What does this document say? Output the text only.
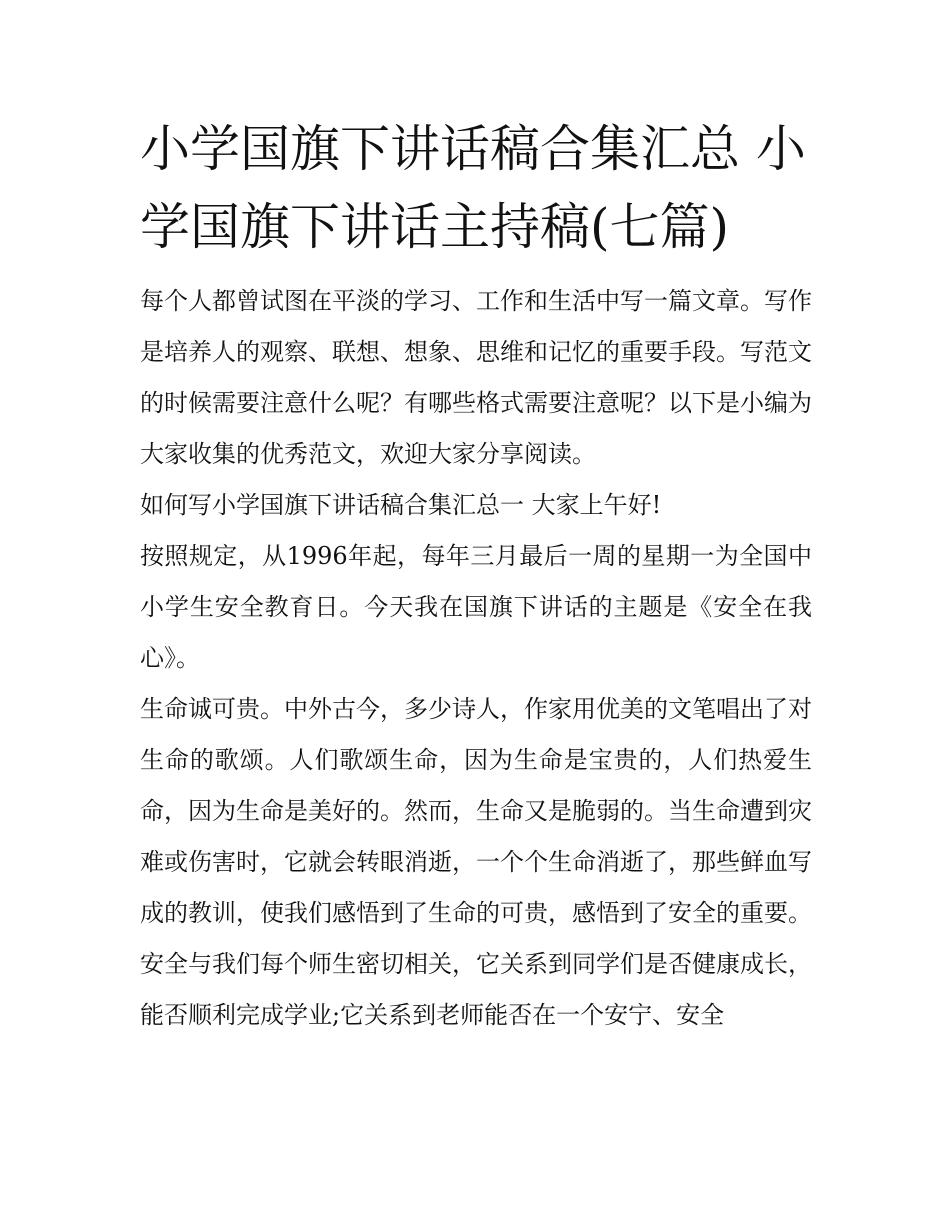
小学国旗下讲话稿合集汇总 小学国旗下讲话主持稿(七篇)

每个人都曾试图在平淡的学习、工作和生活中写一篇文章。写作是培养人的观察、联想、想象、思维和记忆的重要手段。写范文的时候需要注意什么呢？有哪些格式需要注意呢？以下是小编为大家收集的优秀范文，欢迎大家分享阅读。

如何写小学国旗下讲话稿合集汇总一 大家上午好!

按照规定，从1996年起，每年三月最后一周的星期一为全国中小学生安全教育日。今天我在国旗下讲话的主题是《安全在我心》。

生命诚可贵。中外古今，多少诗人，作家用优美的文笔唱出了对生命的歌颂。人们歌颂生命，因为生命是宝贵的，人们热爱生命，因为生命是美好的。然而，生命又是脆弱的。当生命遭到灾难或伤害时，它就会转眼消逝，一个个生命消逝了，那些鲜血写成的教训，使我们感悟到了生命的可贵，感悟到了安全的重要。

安全与我们每个师生密切相关，它关系到同学们是否健康成长，能否顺利完成学业;它关系到老师能否在一个安宁、安全
